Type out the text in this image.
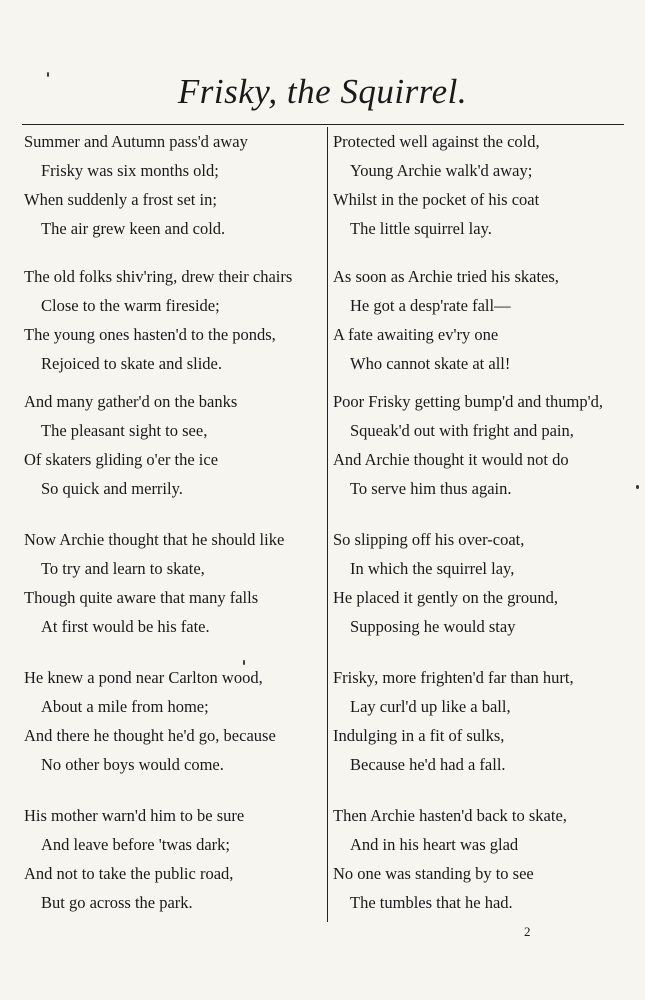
Frisky, the Squirrel.
Summer and Autumn pass'd away
Frisky was six months old;
When suddenly a frost set in;
The air grew keen and cold.
The old folks shiv'ring, drew their chairs
Close to the warm fireside;
The young ones hasten'd to the ponds,
Rejoiced to skate and slide.
And many gather'd on the banks
The pleasant sight to see,
Of skaters gliding o'er the ice
So quick and merrily.
Now Archie thought that he should like
To try and learn to skate,
Though quite aware that many falls
At first would be his fate.
He knew a pond near Carlton wood,
About a mile from home;
And there he thought he'd go, because
No other boys would come.
His mother warn'd him to be sure
And leave before 'twas dark;
And not to take the public road,
But go across the park.
Protected well against the cold,
Young Archie walk'd away;
Whilst in the pocket of his coat
The little squirrel lay.
As soon as Archie tried his skates,
He got a desp'rate fall—
A fate awaiting ev'ry one
Who cannot skate at all!
Poor Frisky getting bump'd and thump'd,
Squeak'd out with fright and pain,
And Archie thought it would not do
To serve him thus again.
So slipping off his over-coat,
In which the squirrel lay,
He placed it gently on the ground,
Supposing he would stay
Frisky, more frighten'd far than hurt,
Lay curl'd up like a ball,
Indulging in a fit of sulks,
Because he'd had a fall.
Then Archie hasten'd back to skate,
And in his heart was glad
No one was standing by to see
The tumbles that he had.
2
